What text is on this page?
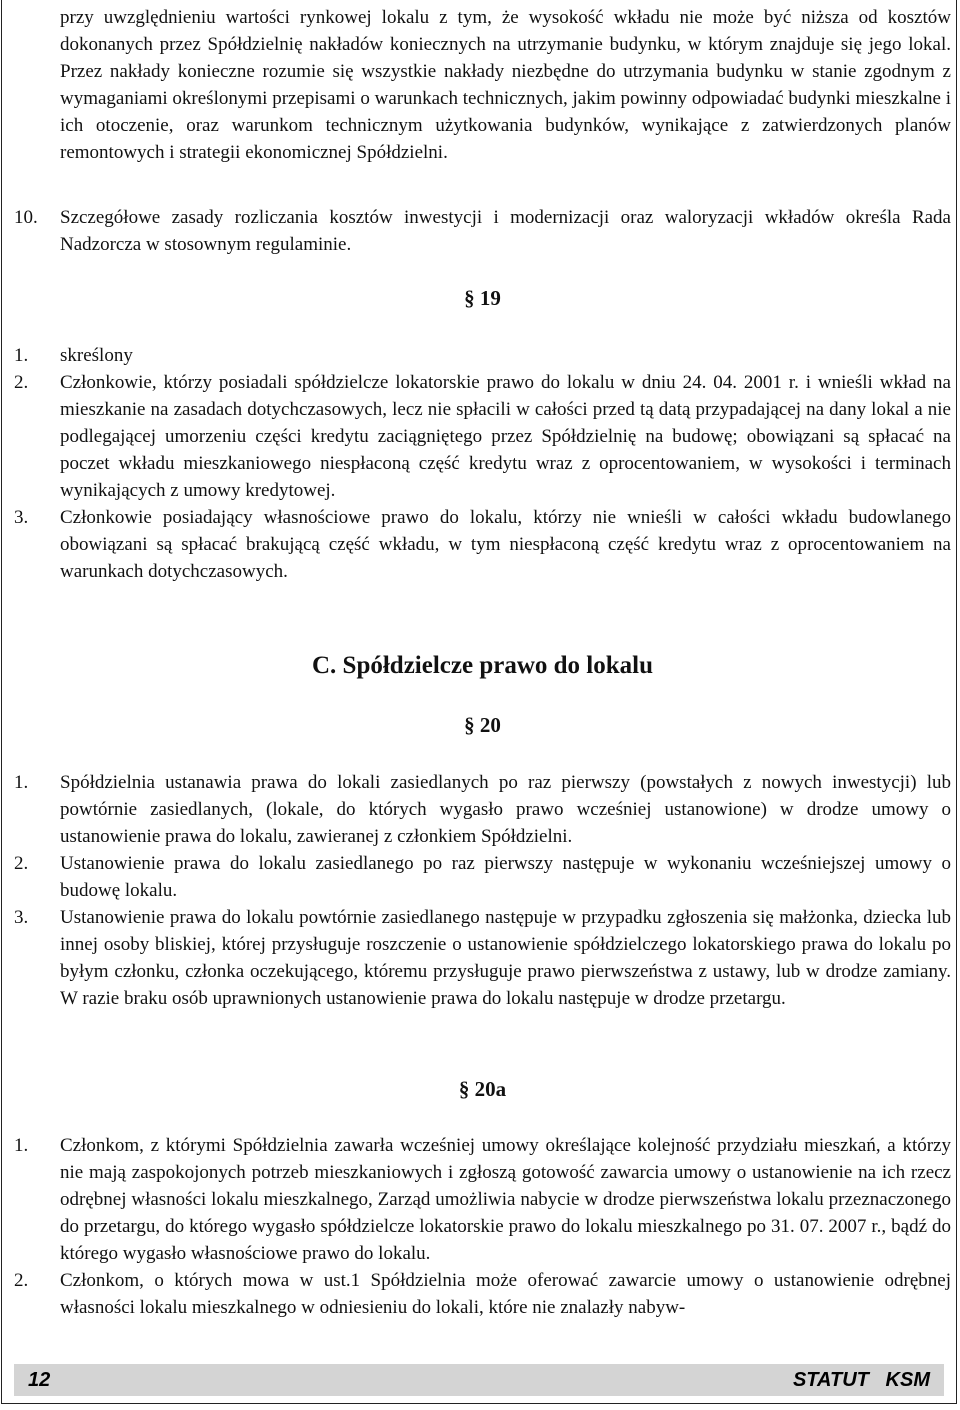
przy uwzględnieniu wartości rynkowej lokalu z tym, że wysokość wkładu nie może być niższa od kosztów dokonanych przez Spółdzielnię nakładów koniecznych na utrzymanie budynku, w którym znajduje się jego lokal. Przez nakłady konieczne rozumie się wszystkie nakłady niezbędne do utrzymania budynku w stanie zgodnym z wymaganiami określonymi przepisami o warunkach technicznych, jakim powinny odpowiadać budynki mieszkalne i ich otoczenie, oraz warunkom technicznym użytkowania budynków, wynikające z zatwierdzonych planów remontowych i strategii ekonomicznej Spółdzielni.
10.	Szczegółowe zasady rozliczania kosztów inwestycji i modernizacji oraz waloryzacji wkładów określa Rada Nadzorcza w stosownym regulaminie.
§ 19
1.	skreślony
2.	Członkowie, którzy posiadali spółdzielcze lokatorskie prawo do lokalu w dniu 24. 04. 2001 r. i wnieśli wkład na mieszkanie na zasadach dotychczasowych, lecz nie spłacili w całości przed tą datą przypadającej na dany lokal a nie podlegającej umorzeniu części kredytu zaciągniętego przez Spółdzielnię na budowę; obowiązani są spłacać na poczet wkładu mieszkaniowego niespłaconą część kredytu wraz z oprocentowaniem, w wysokości i terminach wynikających z umowy kredytowej.
3.	Członkowie posiadający własnościowe prawo do lokalu, którzy nie wnieśli w całości wkładu budowlanego obowiązani są spłacać brakującą część wkładu, w tym niespłaconą część kredytu wraz z oprocentowaniem na warunkach dotychczasowych.
C. Spółdzielcze prawo do lokalu
§ 20
1.	Spółdzielnia ustanawia prawa do lokali zasiedlanych po raz pierwszy (powstałych z nowych inwestycji) lub powtórnie zasiedlanych, (lokale, do których wygasło prawo wcześniej ustanowione) w drodze umowy o ustanowienie prawa do lokalu, zawieranej z członkiem Spółdzielni.
2.	Ustanowienie prawa do lokalu zasiedlanego po raz pierwszy następuje w wykonaniu wcześniejszej umowy o budowę lokalu.
3.	Ustanowienie prawa do lokalu powtórnie zasiedlanego następuje w przypadku zgłoszenia się małżonka, dziecka lub innej osoby bliskiej, której przysługuje roszczenie o ustanowienie spółdzielczego lokatorskiego prawa do lokalu po byłym członku, członka oczekującego, któremu przysługuje prawo pierwszeństwa z ustawy, lub w drodze zamiany. W razie braku osób uprawnionych ustanowienie prawa do lokalu następuje w drodze przetargu.
§ 20a
1.	Członkom, z którymi Spółdzielnia zawarła wcześniej umowy określające kolejność przydziału mieszkań, a którzy nie mają zaspokojonych potrzeb mieszkaniowych i zgłoszą gotowość zawarcia umowy o ustanowienie na ich rzecz odrębnej własności lokalu mieszkalnego, Zarząd umożliwia nabycie w drodze pierwszeństwa lokalu przeznaczonego do przetargu, do którego wygasło spółdzielcze lokatorskie prawo do lokalu mieszkalnego po 31. 07. 2007 r., bądź do którego wygasło własnościowe prawo do lokalu.
2.	Członkom, o których mowa w ust.1 Spółdzielnia może oferować zawarcie umowy o ustanowienie odrębnej własności lokalu mieszkalnego w odniesieniu do lokali, które nie znalazły nabyw-
12	STATUT   KSM
